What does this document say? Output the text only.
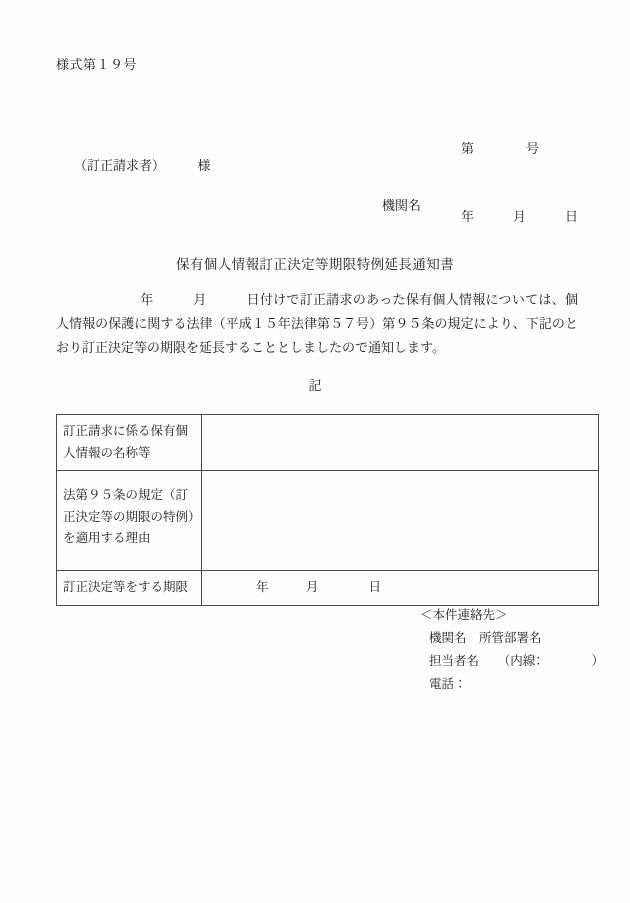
様式第１９号

第　　　　号

年　　　月　　　日

（訂正請求者）　　　様
機関名
保有個人情報訂正決定等期限特例延長通知書
年　　　月　　　日付けで訂正請求のあった保有個人情報については、個人情報の保護に関する法律（平成１５年法律第５７号）第９５条の規定により、下記のとおり訂正決定等の期限を延長することとしましたので通知します。
記
訂正請求に係る保有個人情報の名称等	
法第９５条の規定（訂正決定等の期限の特例）を適用する理由	
訂正決定等をする期限	年　　　月　　　　日
＜本件連絡先＞
機関名　所管部署名
担当者名　　（内線：　　　　）
電話：
